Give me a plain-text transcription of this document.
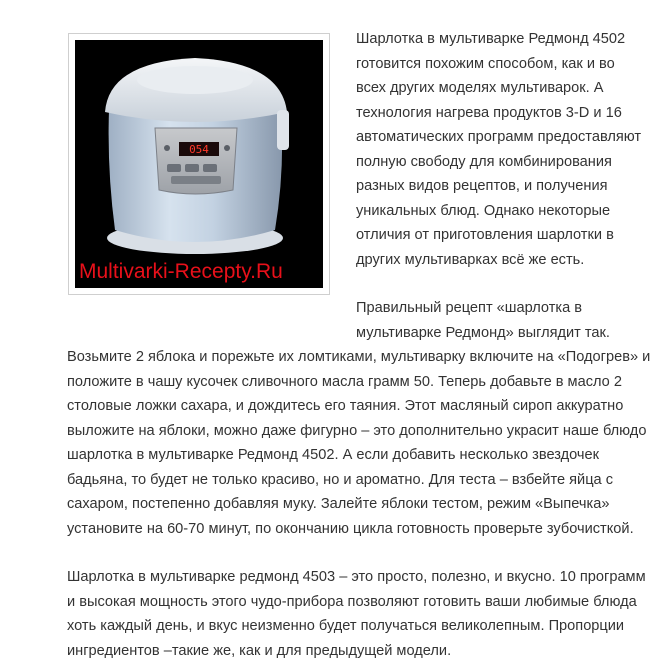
054
Multivarki-Recepty.Ru
Шарлотка в мультиварке Редмонд 4502
готовится похожим способом, как и во
всех других моделях мультиварок. А
технология нагрева продуктов 3-D и 16
автоматических программ предоставляют
полную свободу для комбинирования
разных видов рецептов, и получения
уникальных блюд. Однако некоторые
отличия от приготовления шарлотки в
других мультиварках всё же есть.
Правильный рецепт «шарлотка в
мультиварке Редмонд» выглядит так.
Возьмите 2 яблока и порежьте их ломтиками, мультиварку включите на «Подогрев» и
положите в чашу кусочек сливочного масла грамм 50. Теперь добавьте в масло 2
столовые ложки сахара, и дождитесь его таяния. Этот масляный сироп аккуратно
выложите на яблоки, можно даже фигурно – это дополнительно украсит наше блюдо
шарлотка в мультиварке Редмонд 4502. А если добавить несколько звездочек
бадьяна, то будет не только красиво, но и ароматно. Для теста – взбейте яйца с
сахаром, постепенно добавляя муку. Залейте яблоки тестом, режим «Выпечка»
установите на 60-70 минут, по окончанию цикла готовность проверьте зубочисткой.
Шарлотка в мультиварке редмонд 4503 – это просто, полезно, и вкусно. 10 программ
и высокая мощность этого чудо-прибора позволяют готовить ваши любимые блюда
хоть каждый день, и вкус неизменно будет получаться великолепным. Пропорции
ингредиентов –такие же, как и для предыдущей модели.
